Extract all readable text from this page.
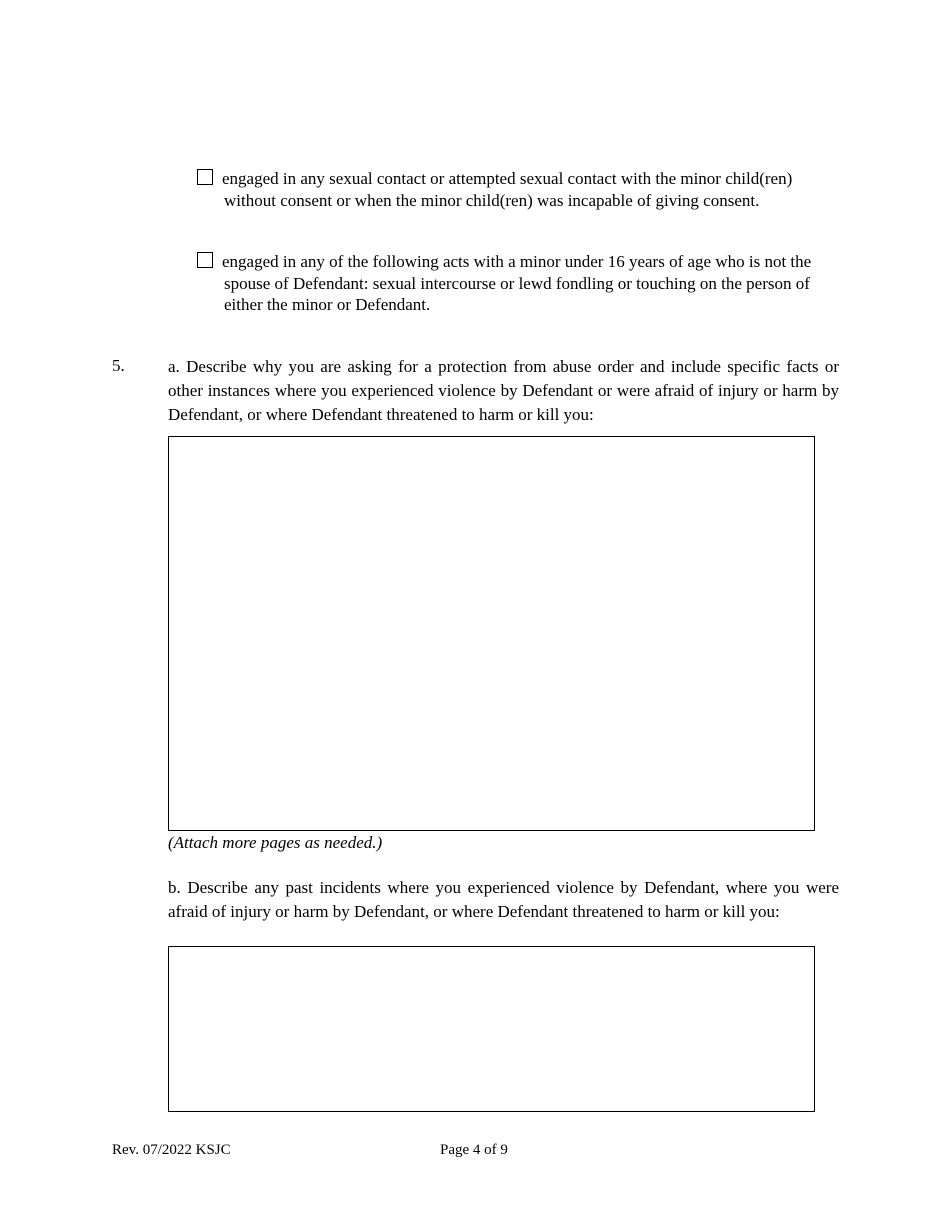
engaged in any sexual contact or attempted sexual contact with the minor child(ren) without consent or when the minor child(ren) was incapable of giving consent.
engaged in any of the following acts with a minor under 16 years of age who is not the spouse of Defendant: sexual intercourse or lewd fondling or touching on the person of either the minor or Defendant.
5.	a. Describe why you are asking for a protection from abuse order and include specific facts or other instances where you experienced violence by Defendant or were afraid of injury or harm by Defendant, or where Defendant threatened to harm or kill you:
(Attach more pages as needed.)
b. Describe any past incidents where you experienced violence by Defendant, where you were afraid of injury or harm by Defendant, or where Defendant threatened to harm or kill you:
Rev. 07/2022 KSJC	Page 4 of 9
